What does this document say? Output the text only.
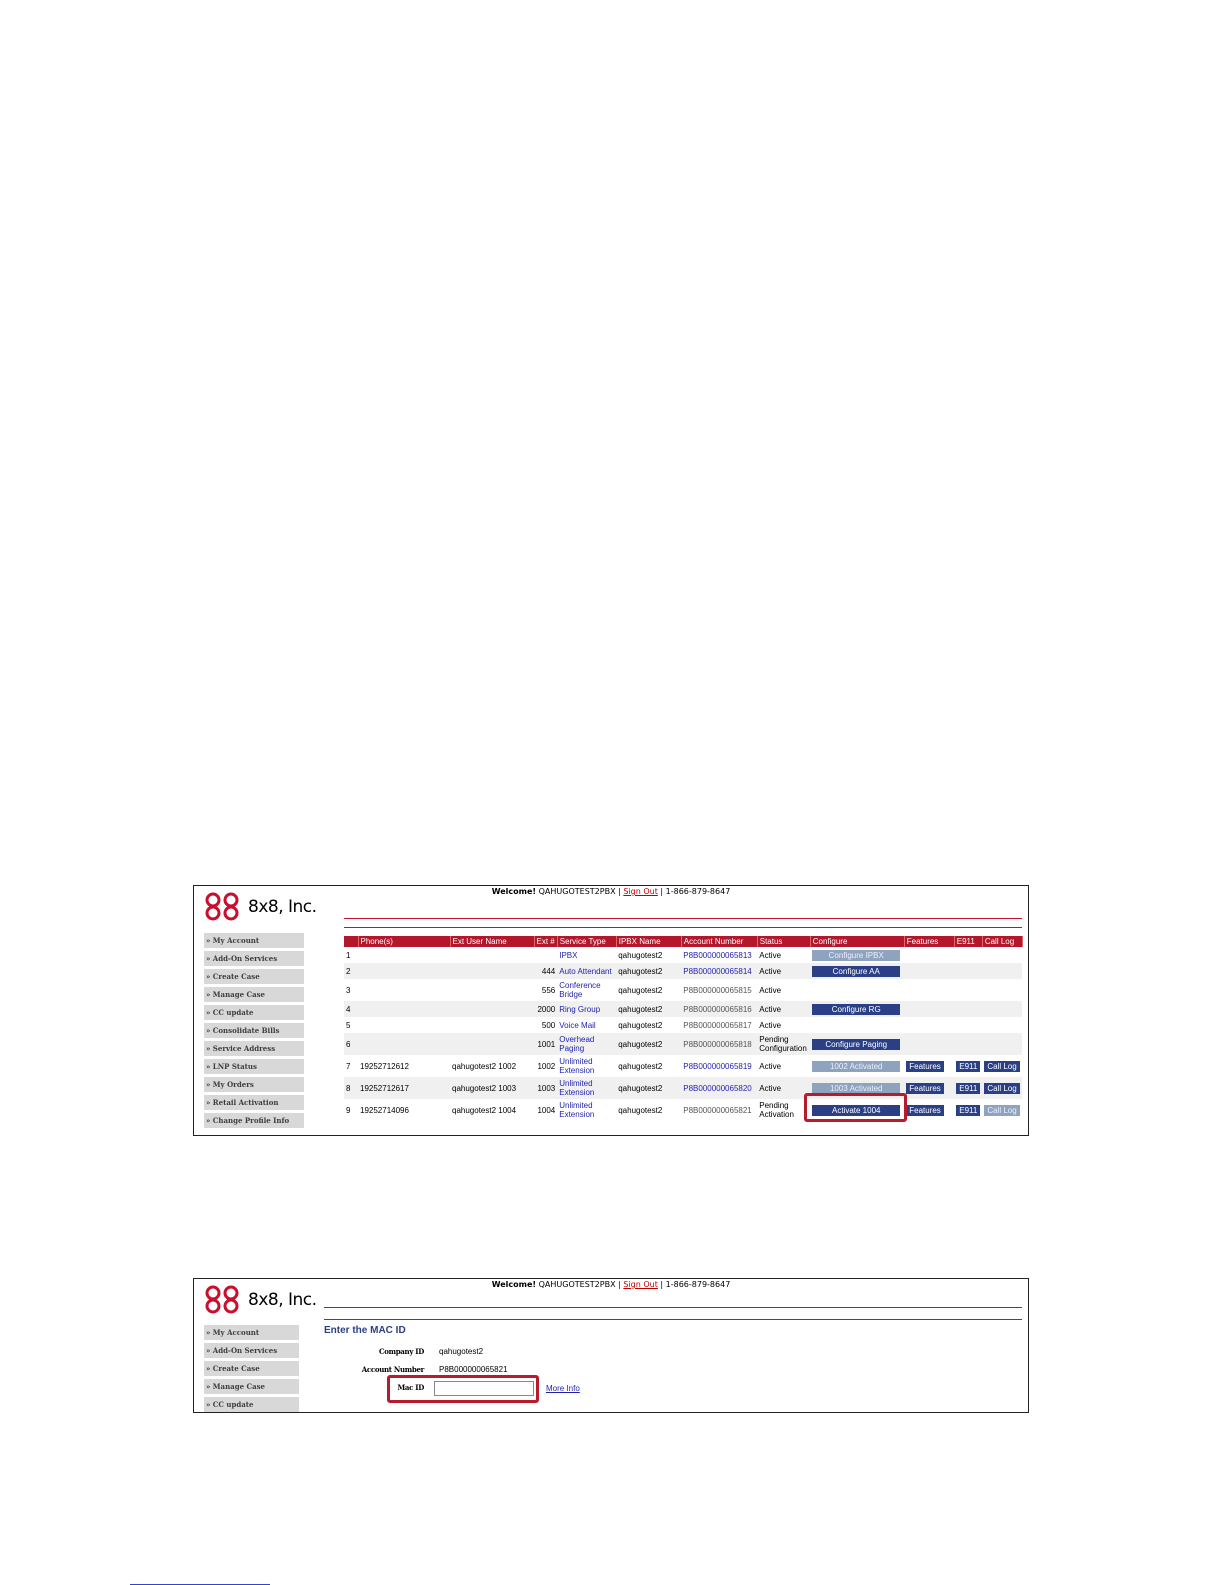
8x8, Inc.
Welcome! QAHUGOTEST2PBX | Sign Out | 1-866-879-8647
» My Account
» Add-On Services
» Create Case
» Manage Case
» CC update
» Consolidate Bills
» Service Address
» LNP Status
» My Orders
» Retail Activation
» Change Profile Info
	Phone(s)	Ext User Name	Ext #	Service Type	IPBX Name	Account Number	Status	Configure	Features	E911	Call Log
1				IPBX	qahugotest2	P8B000000065813	Active	Configure IPBX			
2			444	Auto Attendant	qahugotest2	P8B000000065814	Active	Configure AA			
3			556	Conference Bridge	qahugotest2	P8B000000065815	Active				
4			2000	Ring Group	qahugotest2	P8B000000065816	Active	Configure RG			
5			500	Voice Mail	qahugotest2	P8B000000065817	Active				
6			1001	Overhead Paging	qahugotest2	P8B000000065818	Pending Configuration	Configure Paging			
7	19252712612	qahugotest2 1002	1002	Unlimited Extension	qahugotest2	P8B000000065819	Active	1002 Activated	Features	E911	Call Log
8	19252712617	qahugotest2 1003	1003	Unlimited Extension	qahugotest2	P8B000000065820	Active	1003 Activated	Features	E911	Call Log
9	19252714096	qahugotest2 1004	1004	Unlimited Extension	qahugotest2	P8B000000065821	Pending Activation	Activate 1004	Features	E911	Call Log
8x8, Inc.
Welcome! QAHUGOTEST2PBX | Sign Out | 1-866-879-8647
» My Account
» Add-On Services
» Create Case
» Manage Case
» CC update
Enter the MAC ID
Company ID qahugotest2
Account Number P8B000000065821
Mac ID	More Info
